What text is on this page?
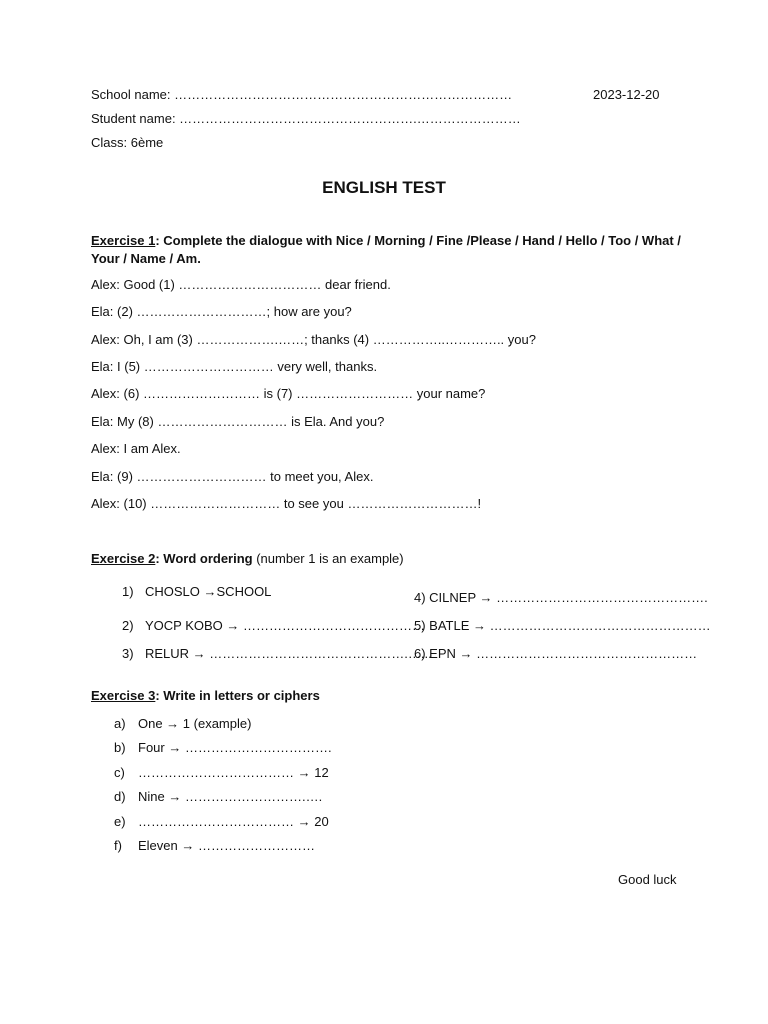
School name: ……………………………………………………………………	2023-12-20
Student name: ……………………………………………….……………………
Class: 6ème
ENGLISH TEST
Exercise 1: Complete the dialogue with Nice / Morning / Fine /Please / Hand / Hello / Too / What / Your / Name / Am.
Alex: Good (1) …………………………… dear friend.
Ela: (2) …………………………; how are you?
Alex: Oh, I am (3) ……………….……; thanks (4) ……………..………….. you?
Ela: I (5) ………………………… very well, thanks.
Alex: (6) ……………………… is (7) ……………………… your name?
Ela: My (8) ………………………… is Ela. And you?
Alex: I am Alex.
Ela: (9) ………………………… to meet you, Alex.
Alex: (10) ………………………… to see you …………………………!
Exercise 2: Word ordering (number 1 is an example)
1) CHOSLO →SCHOOL
2) YOCP KOBO → ……………………………………
3) RELUR → ……………………………………….…...
4) CILNEP → ………………………………………….
5) BATLE → ……………………………………………
6) EPN → ……………………………………………
Exercise 3: Write in letters or ciphers
a) One → 1 (example)
b) Four → …………………………….
c) ……………………………… → 12
d) Nine → ……………………….….
e) ……………………………… → 20
f) Eleven → ………………………
Good luck
